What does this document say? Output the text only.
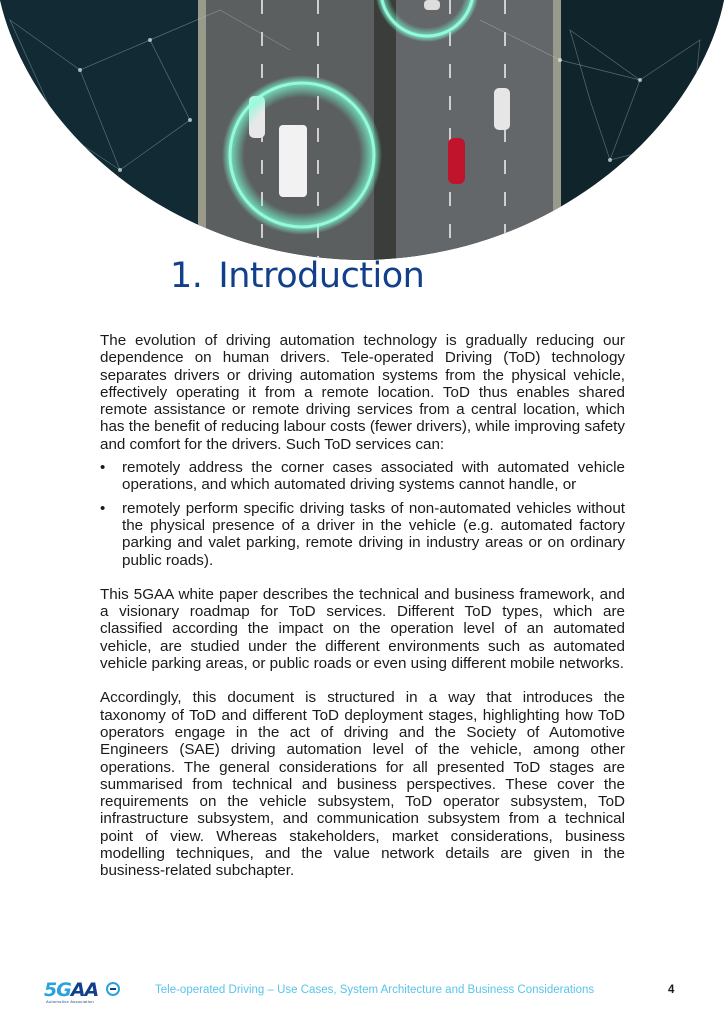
1. Introduction

The evolution of driving automation technology is gradually reducing our dependence on human drivers. Tele-operated Driving (ToD) technology separates drivers or driving automation systems from the physical vehicle, effectively operating it from a remote location. ToD thus enables shared remote assistance or remote driving services from a central location, which has the benefit of reducing labour costs (fewer drivers), while improving safety and comfort for the drivers. Such ToD services can:

• remotely address the corner cases associated with automated vehicle operations, and which automated driving systems cannot handle, or
• remotely perform specific driving tasks of non-automated vehicles without the physical presence of a driver in the vehicle (e.g. automated factory parking and valet parking, remote driving in industry areas or on ordinary public roads).

This 5GAA white paper describes the technical and business framework, and a visionary roadmap for ToD services. Different ToD types, which are classified according the impact on the operation level of an automated vehicle, are studied under the different environments such as automated vehicle parking areas, or public roads or even using different mobile networks.

Accordingly, this document is structured in a way that introduces the taxonomy of ToD and different ToD deployment stages, highlighting how ToD operators engage in the act of driving and the Society of Automotive Engineers (SAE) driving automation level of the vehicle, among other operations. The general considerations for all presented ToD stages are summarised from technical and business perspectives. These cover the requirements on the vehicle subsystem, ToD operator subsystem, ToD infrastructure subsystem, and communication subsystem from a technical point of view. Whereas stakeholders, market considerations, business modelling techniques, and the value network details are given in the business-related subchapter.

5GAA
Automotive Association
Tele-operated Driving – Use Cases, System Architecture and Business Considerations	4
